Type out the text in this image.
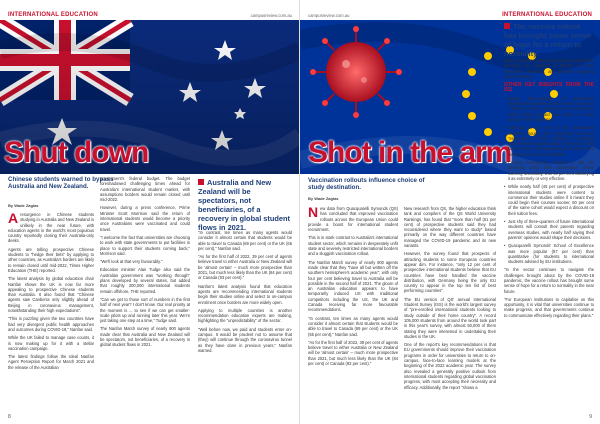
INTERNATIONAL EDUCATION	campusreview.com.au
Shut down
Chinese students warned to bypass Australia and New Zealand.
By Wade Zaglas

A resurgence in Chinese students studying in Australia and New Zealand is unlikely in the near future, with education agents in the world's most populous country reportedly closing their Australia-only desks.

Agents are telling prospective Chinese students to "hedge their bets" by applying to other countries, as Australia's borders are likely to remain closed until mid-2022, Times Higher Education (THE) reported.

The latest analysis by global education chair Nanfan shows the UK is now far more appealing to prospective Chinese students than Australia. It also found that "Chinese agents saw Canberra only slightly ahead of Beijing in coronavirus management, notwithstanding their high expectations".

"This is puzzling given the two countries have had very divergent public health approaches and outcomes during COVID-19," Nanfan said.

While the UK failed to manage case counts, it is now making up for it with a stellar vaccination campaign.

The latest findings follow the Ideal Nanfan Agent Perception Report for March 2021 and the release of the Australian

government's federal budget. The budget foreshadowed challenging times ahead for Australia's international student market, with assumptions borders would remain closed until mid-2022.

However, during a press conference, Prime Minister Scott Morrison said the return of international students would become a priority once Australians were vaccinated and could travel.

"I welcome the fact that universities are choosing to work with state governments to put facilities in place to support their students coming back," Morrison said.

"We'll look at that very favourably."

Education minister Alan Tudge also said the Australian government was "working through" plans developed by several states, but added that roughly 200,000 international students remain offshore, THE reported.

"Can we get to those sort of numbers in the first half of next year? I don't know. Our real priority at the moment is ... to see if we can get smaller-scale pilots up and running later this year. We're just taking one step at a time," Tudge said.

The Nanfan March survey of nearly 900 agents made clear that Australia and New Zealand will be spectators, not beneficiaries, of a recovery in global student flows in 2021.

Australia and New Zealand will be spectators, not beneficiaries, of a recovery in global student flows in 2021.

"In contrast, ten times as many agents would consider it almost certain that students would be able to travel to Canada (69 per cent) or the UK (65 per cent)," Nanfan said.

"As for the first half of 2022, 39 per cent of agents believe travel to either Australia or New Zealand will be 'almost certain' – much more prospective than 2021, but much less likely than the UK (84 per cent) or Canada (93 per cent)."

Nanfan's latest analysis found that education agents are recommending international students begin their studies online and select to on-campus enrolment once borders are more widely open.

Applying to multiple countries is another recommendation education experts are making, highlighting the "unpredictability" of the sector.

"Well before now, we paid and students enter on-campus. It would be prudent not to assume that (they) will continue through the coronavirus tunnel as they have done in previous years," Nanfan warned.

8
campusreview.com.au	INTERNATIONAL EDUCATION
Shot in the arm
Vaccination rollouts influence choice of study destination.
By Wade Zaglas

New data from Quacquarelli Symonds (QS) has concluded that improved vaccination rollouts across the European Union could provide a boost for international student recruitment.

This is in stark contrast to Australia's international student sector, which remains in desperately unfit state and severely restricted international borders and a sluggish vaccination rollout.

The Nanfan March survey of nearly 900 agents made clear that they "have all but written off the southern hemisphere's academic year", with only four per cent believing travel to Australia will be possible in the second half of 2021. The gloom of an Australian education appears to have temporarily induced US with traditional competitors including the US, the UK and Canada receiving far more favourable recommendations.

"In contrast, ten times as many agents would consider it almost certain that students would be able to travel to Canada (69 per cent) or the UK (65 per cent)," Nanfan said.

"As for the first half of 2022, 39 per cent of agents believe travel to either Australia or New Zealand will be 'almost certain' – much more prospective than 2021, but much less likely than the UK (84 per cent) or Canada (93 per cent)."

New research from QS, the higher education think tank and compilers of the QS World University Rankings, has found that "more than half (51 per cent) of prospective students said they had reconsidered where they want to study" based primarily on the way different countries have managed the COVID-19 pandemic and its new variants.

However, the survey found that prospects of attracting students to some European countries appear dim. For instance, "only 12 per cent of prospective international students believe that EU countries have best handled the vaccine distribution, with Germany being the only EU country to appear in the top ten list of best performing countries".

The EU version of QS' annual International Student Survey (ISS) is the world's largest survey of "pre-enrolled international students looking to study outside of their home country". A record 105,000 students from around the world took part in this year's survey, with almost 50,000 of them stating they were interested in undertaking their studies in the UK.

One of the report's key recommendations is that EU governments should improve their vaccination programs in order for universities to return to on-campus, face-to-face learning models at the beginning of the 2022 academic year. The survey also revealed a generally positive outlook from international students regarding global vaccination progress, with most accepting their necessity and efficacy. Additionally, the report "shows a

The vaccine rollout has brought some sense of hope for a return to normality.

light on students' attitudes towards mental health provision, the influence of parents on study destination decisions, and priorities regarding online learning".

OTHER KEY INSIGHTS FROM THE ISS

• Nearly three-quarters of prospective international students would receive a vaccine if offered to them, and 28 per cent said they would "bring forward their plans to study abroad" once vaccinated.

• Although 28 per cent of EU international students thought their university has been "extremely" or "very" effective in providing mental health support during COVID-19, a third (33 per cent) said supporting such help would make them feel "uncomfortable".

• Current international students in the EU generally rated their universities' online learning favourably, with 69 per cent classifying it as extremely or very effective.

• While nearly half (45 per cent) of prospective international students were content to commence their studies online if it meant they could begin their courses sooner, 60 per cent of the same cohort would expect a discount on their tuition fees.

• Just shy of three-quarters of future international students will consult their parents regarding overseas studies, with nearly half saying their parents' opinions would shape their decisions.

• Quacquarelli Symonds' School of Excellence was more popular (87 per cent) than quantitative (for students to international students advised by EU institutions.

"In the sector continues to navigate the challenges brought about by the COVID-19 pandemic, the vaccine rollout has brought some sense of hope for a return to normality in the near future.

"For European institutions to capitalise on this opportunity, it is vital that universities continue to make progress, and that governments continue to communicate effectively regarding their plans."

9
